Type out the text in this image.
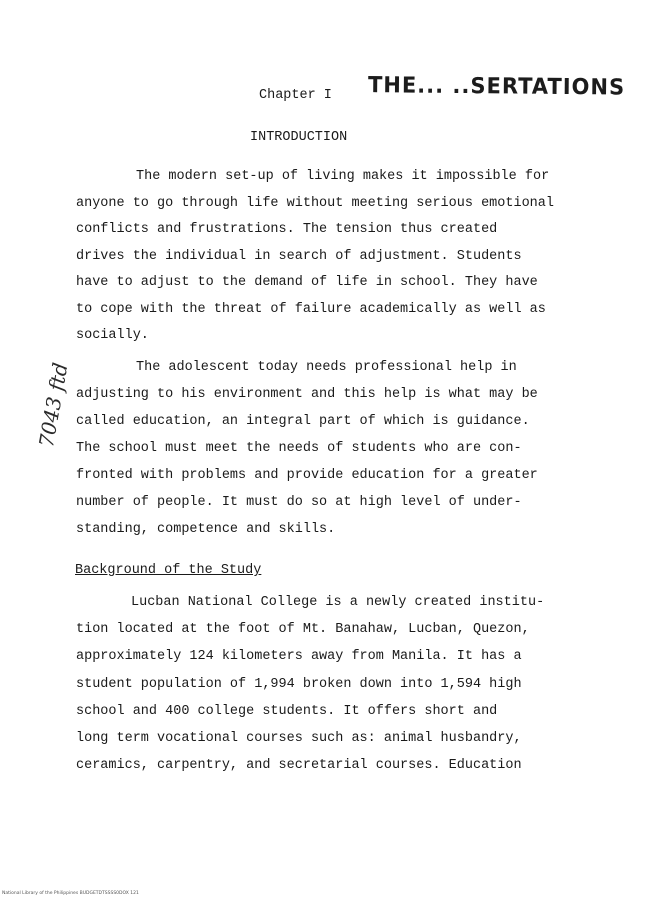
Chapter I THE... ..SERTATIONS
INTRODUCTION
The modern set-up of living makes it impossible for
anyone to go through life without meeting serious emotional
conflicts and frustrations. The tension thus created
drives the individual in search of adjustment. Students
have to adjust to the demand of life in school. They have
to cope with the threat of failure academically as well as
socially.
7043 ftd	The adolescent today needs professional help in
adjusting to his environment and this help is what may be
called education, an integral part of which is guidance.
The school must meet the needs of students who are con-
fronted with problems and provide education for a greater
number of people. It must do so at high level of under-
standing, competence and skills.
Background of the Study
Lucban National College is a newly created institu-
tion located at the foot of Mt. Banahaw, Lucban, Quezon,
approximately 124 kilometers away from Manila. It has a
student population of 1,994 broken down into 1,594 high
school and 400 college students. It offers short and
long term vocational courses such as: animal husbandry,
ceramics, carpentry, and secretarial courses. Education
National Library of the Philippines BUDGETDTSSSS0DOX 121
